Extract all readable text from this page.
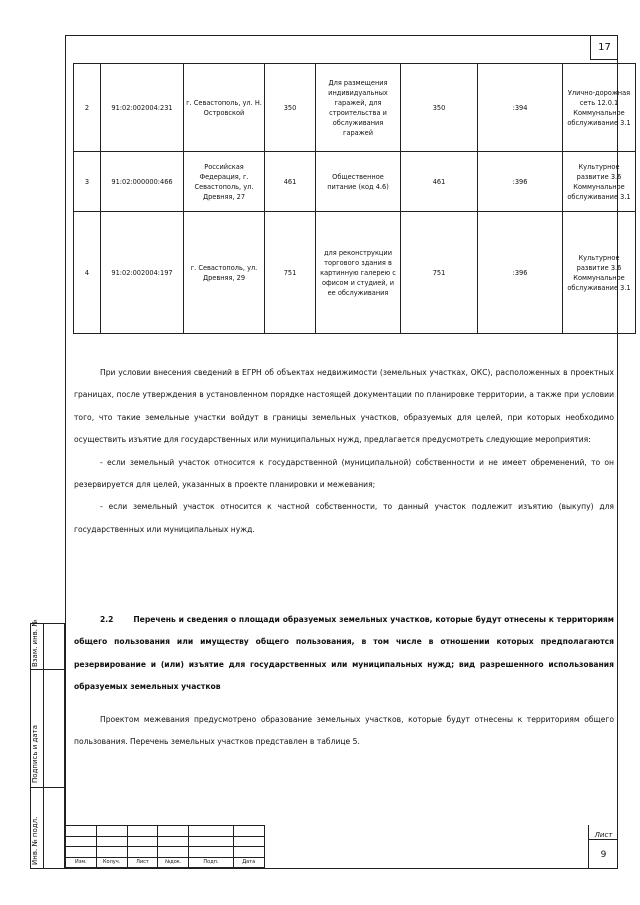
17
2	91:02:002004:231	г. Севастополь, ул. Н. Островской	350	Для размещения индивидуальных гаражей, для строительства и обслуживания гаражей	350	:394	Улично-дорожная сеть 12.0.1 Коммунальное обслуживание 3.1
3	91:02:000000:466	Российская Федерация, г. Севастополь, ул. Древняя, 27	461	Общественное питание (код 4.6)	461	:396	Культурное развитие 3.6 Коммунальное обслуживание 3.1
4	91:02:002004:197	г. Севастополь, ул. Древняя, 29	751	для реконструкции торгового здания в картинную галерею с офисом и студией, и ее обслуживания	751	:396	Культурное развитие 3.6 Коммунальное обслуживание 3.1

При условии внесения сведений в ЕГРН об объектах недвижимости (земельных участках, ОКС), расположенных в проектных границах, после утверждения в установленном порядке настоящей документации по планировке территории, а также при условии того, что такие земельные участки войдут в границы земельных участков, образуемых для целей, при которых необходимо осуществить изъятие для государственных или муниципальных нужд, предлагается предусмотреть следующие мероприятия:

- если земельный участок относится к государственной (муниципальной) собственности и не имеет обременений, то он резервируется для целей, указанных в проекте планировки и межевания;

- если земельный участок относится к частной собственности, то данный участок подлежит изъятию (выкупу) для государственных или муниципальных нужд.

2.2	Перечень и сведения о площади образуемых земельных участков, которые будут отнесены к территориям общего пользования или имуществу общего пользования, в том числе в отношении которых предполагаются резервирование и (или) изъятие для государственных или муниципальных нужд; вид разрешенного использования образуемых земельных участков

Проектом межевания предусмотрено образование земельных участков, которые будут отнесены к территориям общего пользования. Перечень земельных участков представлен в таблице 5.

Взам. инв. №
Подпись и дата
Инв. № подл.

							Изм.	Колуч.	Лист	№док.	Подп.	Дата	
Лист
9
